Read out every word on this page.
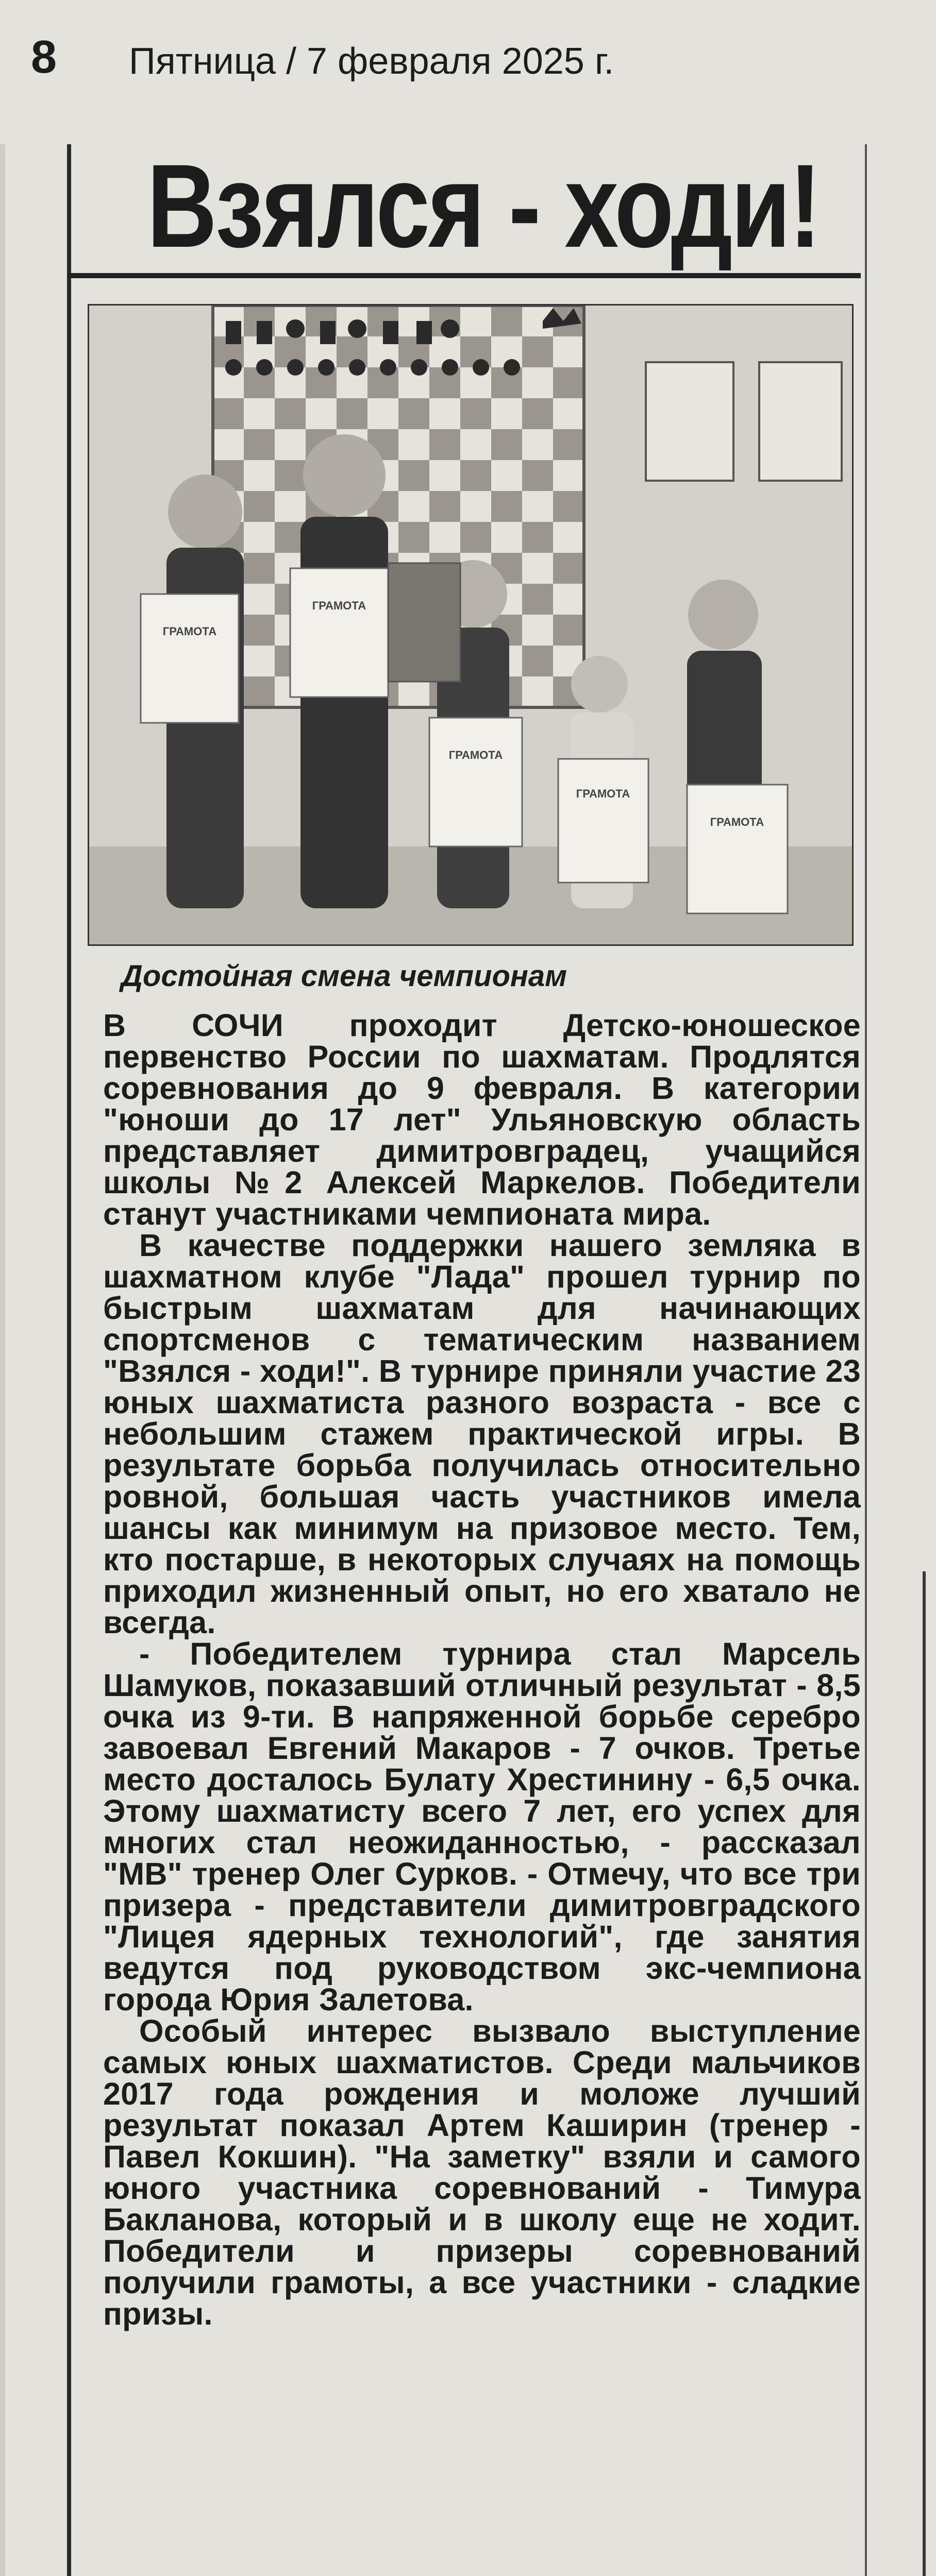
8 Пятница / 7 февраля 2025 г.
Взялся - ходи!
ГРАМОТА
ГРАМОТА
ГРАМОТА
ГРАМОТА
ГРАМОТА
Достойная смена чемпионам

В СОЧИ проходит Детско-юношеское первенство России по шахматам. Продлятся соревнования до 9 февраля. В категории "юноши до 17 лет" Ульяновскую область представляет димитровградец, учащийся школы №2 Алексей Маркелов. Победители станут участниками чемпионата мира.

В качестве поддержки нашего земляка в шахматном клубе "Лада" прошел турнир по быстрым шахматам для начинающих спортсменов с тематическим названием "Взялся - ходи!". В турнире приняли участие 23 юных шахматиста разного возраста - все с небольшим стажем практической игры. В результате борьба получилась относительно ровной, большая часть участников имела шансы как минимум на призовое место. Тем, кто постарше, в некоторых случаях на помощь приходил жизненный опыт, но его хватало не всегда.

- Победителем турнира стал Марсель Шамуков, показавший отличный результат - 8,5 очка из 9-ти. В напряженной борьбе серебро завоевал Евгений Макаров - 7 очков. Третье место досталось Булату Хрестинину - 6,5 очка. Этому шахматисту всего 7 лет, его успех для многих стал неожиданностью, - рассказал "МВ" тренер Олег Сурков. - Отмечу, что все три призера - представители димитровградского "Лицея ядерных технологий", где занятия ведутся под руководством экс-чемпиона города Юрия Залетова.

Особый интерес вызвало выступление самых юных шахматистов. Среди мальчиков 2017 года рождения и моложе лучший результат показал Артем Каширин (тренер - Павел Кокшин). "На заметку" взяли и самого юного участника соревнований - Тимура Бакланова, который и в школу еще не ходит. Победители и призеры соревнований получили грамоты, а все участники - сладкие призы.
